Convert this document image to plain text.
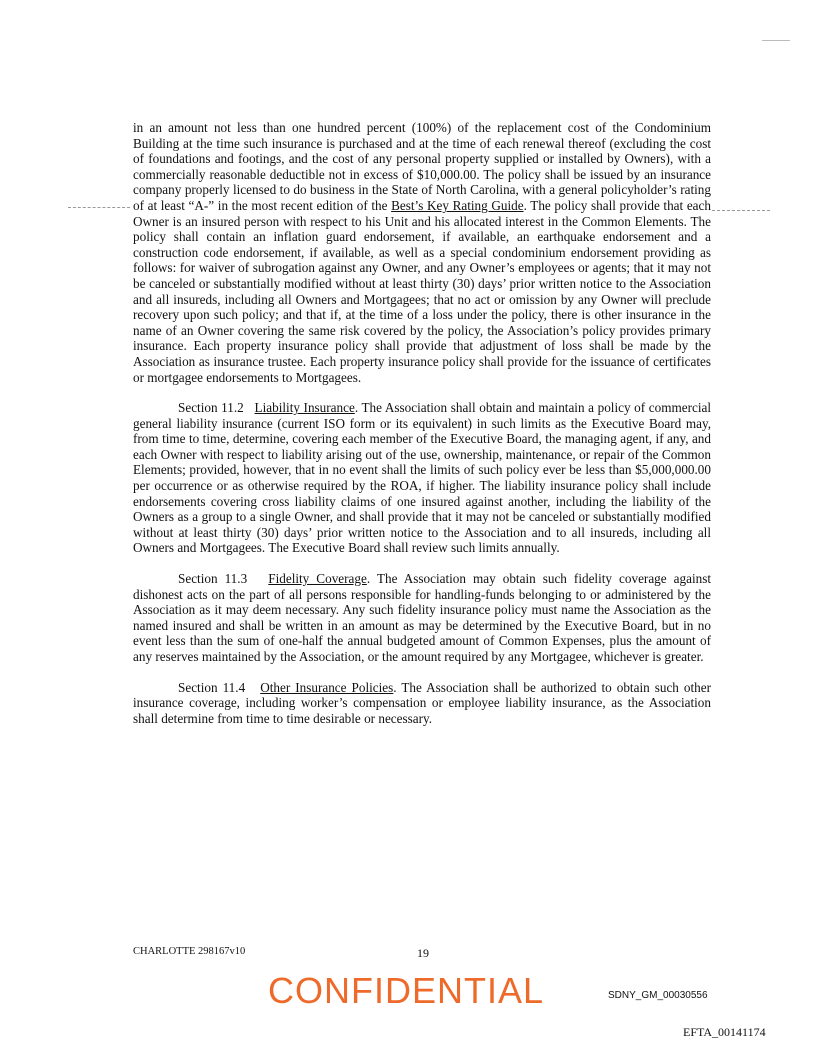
in an amount not less than one hundred percent (100%) of the replacement cost of the Condominium Building at the time such insurance is purchased and at the time of each renewal thereof (excluding the cost of foundations and footings, and the cost of any personal property supplied or installed by Owners), with a commercially reasonable deductible not in excess of $10,000.00. The policy shall be issued by an insurance company properly licensed to do business in the State of North Carolina, with a general policyholder’s rating of at least “A-” in the most recent edition of the Best’s Key Rating Guide. The policy shall provide that each Owner is an insured person with respect to his Unit and his allocated interest in the Common Elements. The policy shall contain an inflation guard endorsement, if available, an earthquake endorsement and a construction code endorsement, if available, as well as a special condominium endorsement providing as follows: for waiver of subrogation against any Owner, and any Owner’s employees or agents; that it may not be canceled or substantially modified without at least thirty (30) days’ prior written notice to the Association and all insureds, including all Owners and Mortgagees; that no act or omission by any Owner will preclude recovery upon such policy; and that if, at the time of a loss under the policy, there is other insurance in the name of an Owner covering the same risk covered by the policy, the Association’s policy provides primary insurance. Each property insurance policy shall provide that adjustment of loss shall be made by the Association as insurance trustee. Each property insurance policy shall provide for the issuance of certificates or mortgagee endorsements to Mortgagees.

Section 11.2 Liability Insurance. The Association shall obtain and maintain a policy of commercial general liability insurance (current ISO form or its equivalent) in such limits as the Executive Board may, from time to time, determine, covering each member of the Executive Board, the managing agent, if any, and each Owner with respect to liability arising out of the use, ownership, maintenance, or repair of the Common Elements; provided, however, that in no event shall the limits of such policy ever be less than $5,000,000.00 per occurrence or as otherwise required by the ROA, if higher. The liability insurance policy shall include endorsements covering cross liability claims of one insured against another, including the liability of the Owners as a group to a single Owner, and shall provide that it may not be canceled or substantially modified without at least thirty (30) days’ prior written notice to the Association and to all insureds, including all Owners and Mortgagees. The Executive Board shall review such limits annually.

Section 11.3 Fidelity Coverage. The Association may obtain such fidelity coverage against dishonest acts on the part of all persons responsible for handling-funds belonging to or administered by the Association as it may deem necessary. Any such fidelity insurance policy must name the Association as the named insured and shall be written in an amount as may be determined by the Executive Board, but in no event less than the sum of one-half the annual budgeted amount of Common Expenses, plus the amount of any reserves maintained by the Association, or the amount required by any Mortgagee, whichever is greater.

Section 11.4 Other Insurance Policies. The Association shall be authorized to obtain such other insurance coverage, including worker’s compensation or employee liability insurance, as the Association shall determine from time to time desirable or necessary.

CHARLOTTE 298167v10	19
CONFIDENTIAL	SDNY_GM_00030556
EFTA_00141174
